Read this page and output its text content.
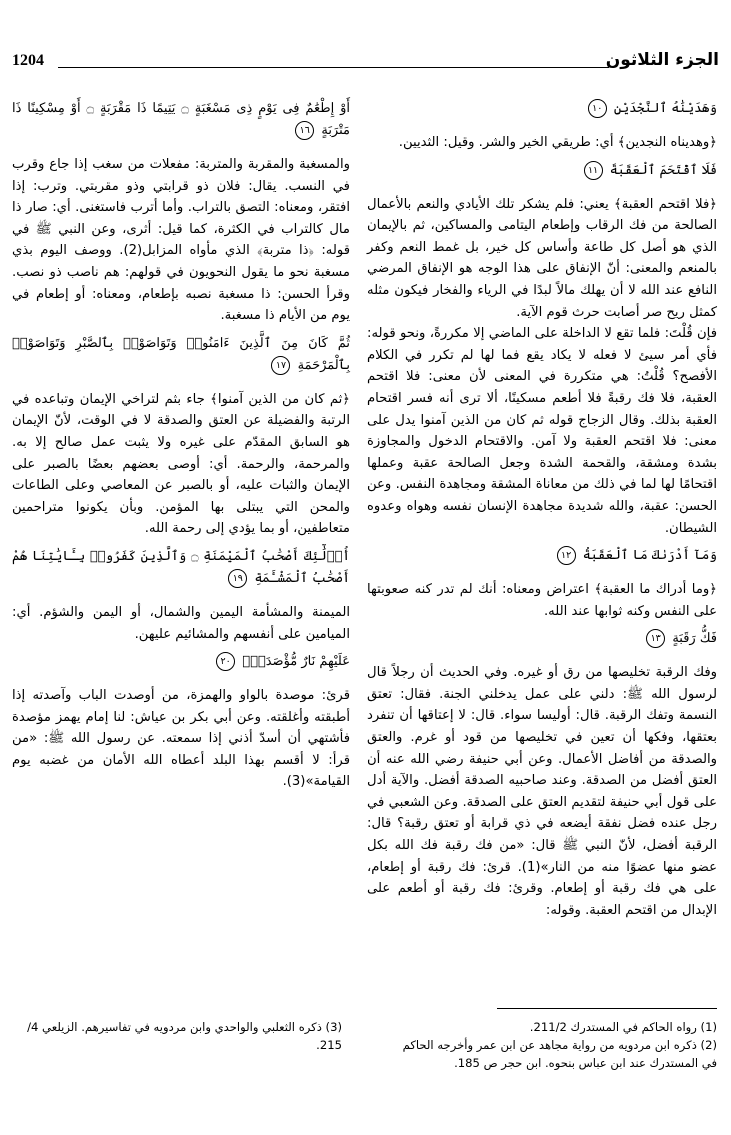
1204	الجزء الثلاثون
وَهَدَيْنَٰهُ ٱلنَّجْدَيْنِ ١٠

﴿وهديناه النجدين﴾ أي: طريقي الخير والشر. وقيل: الثديين.

فَلَا ٱقْتَحَمَ ٱلْعَقَبَةَ ١١

﴿فلا اقتحم العقبة﴾ يعني: فلم يشكر تلك الأيادي والنعم بالأعمال الصالحة من فك الرقاب وإطعام اليتامى والمساكين، ثم بالإيمان الذي هو أصل كل طاعة وأساس كل خير، بل غمط النعم وكفر بالمنعم والمعنى: أنّ الإنفاق على هذا الوجه هو الإنفاق المرضي النافع عند الله لا أن يهلك مالاً لبدًا في الرياء والفخار فيكون مثله كمثل ريح صر أصابت حرث قوم الآية.

فإن قُلْتَ: فلما تقع لا الداخلة على الماضي إلا مكررةً، ونحو قوله: فأي أمر سيئ لا فعله لا يكاد يقع فما لها لم تكرر في الكلام الأفصح؟ قُلْتُ: هي متكررة في المعنى لأن معنى: فلا اقتحم العقبة، فلا فك رقبةً فلا أطعم مسكينًا، ألا ترى أنه فسر اقتحام العقبة بذلك. وقال الزجاج قوله ثم كان من الذين آمنوا يدل على معنى: فلا اقتحم العقبة ولا آمن. والاقتحام الدخول والمجاوزة بشدة ومشقة، والقحمة الشدة وجعل الصالحة عقبة وعملها اقتحامًا لها لما في ذلك من معاناة المشقة ومجاهدة النفس. وعن الحسن: عقبة، والله شديدة مجاهدة الإنسان نفسه وهواه وعدوه الشيطان.

وَمَآ أَدْرَىٰكَ مَا ٱلْعَقَبَةُ ١٢

﴿وما أدراك ما العقبة﴾ اعتراض ومعناه: أنك لم تدر كنه صعوبتها على النفس وكنه ثوابها عند الله.

فَكُّ رَقَبَةٍ ١٣

وفك الرقبة تخليصها من رق أو غيره. وفي الحديث أن رجلاً قال لرسول الله ﷺ: دلني على عمل يدخلني الجنة. فقال: تعتق النسمة وتفك الرقبة. قال: أوليسا سواء. قال: لا إعتاقها أن تنفرد بعتقها، وفكها أن تعين في تخليصها من قود أو غرم. والعتق والصدقة من أفاضل الأعمال. وعن أبي حنيفة رضي الله عنه أن العتق أفضل من الصدقة. وعند صاحبيه الصدقة أفضل. والآية أدل على قول أبي حنيفة لتقديم العتق على الصدقة. وعن الشعبي في رجل عنده فضل نفقة أيضعه في ذي قرابة أو تعتق رقبة؟ قال: الرقبة أفضل، لأنّ النبي ﷺ قال: «من فك رقبة فك الله بكل عضو منها عضوًا منه من النار»(1). قرئ: فك رقبة أو إطعام، على هي فك رقبة أو إطعام. وقرئ: فك رقبة أو أطعم على الإبدال من اقتحم العقبة. وقوله:

أَوْ إِطْعَٰمٌ فِى يَوْمٍ ذِى مَسْغَبَةٍ ۝ يَتِيمًا ذَا مَقْرَبَةٍ ۝ أَوْ مِسْكِينًا ذَا مَتْرَبَةٍ ١٦

والمسغبة والمقربة والمتربة: مفعلات من سغب إذا جاع وقرب في النسب. يقال: فلان ذو قرابتي وذو مقربتي. وترب: إذا افتقر، ومعناه: التصق بالتراب. وأما أترب فاستغنى. أي: صار ذا مال كالتراب في الكثرة، كما قيل: أثرى، وعن النبي ﷺ في قوله: ﴿ذا متربة﴾ الذي مأواه المزابل(2). ووصف اليوم بذي مسغبة نحو ما يقول النحويون في قولهم: هم ناصب ذو نصب. وقرأ الحسن: ذا مسغبة نصبه بإطعام، ومعناه: أو إطعام في يوم من الأيام ذا مسغبة.

ثُمَّ كَانَ مِنَ ٱلَّذِينَ ءَامَنُوا۟ وَتَوَاصَوْا۟ بِٱلصَّبْرِ وَتَوَاصَوْا۟ بِٱلْمَرْحَمَةِ ١٧

﴿ثم كان من الذين آمنوا﴾ جاء بثم لتراخي الإيمان وتباعده في الرتبة والفضيلة عن العتق والصدقة لا في الوقت، لأنّ الإيمان هو السابق المقدّم على غيره ولا يثبت عمل صالح إلا به. والمرحمة، والرحمة. أي: أوصى بعضهم بعضًا بالصبر على الإيمان والثبات عليه، أو بالصبر عن المعاصي وعلى الطاعات والمحن التي يبتلى بها المؤمن. وبأن يكونوا متراحمين متعاطفين، أو بما يؤدي إلى رحمة الله.

أُو۟لَٰٓئِكَ أَصْحَٰبُ ٱلْمَيْمَنَةِ ۝ وَٱلَّذِينَ كَفَرُوا۟ بِـَٔايَٰتِنَا هُمْ أَصْحَٰبُ ٱلْمَشْـَٔمَةِ ١٩

الميمنة والمشأمة اليمين والشمال، أو اليمن والشؤم. أي: الميامين على أنفسهم والمشائيم عليهن.

عَلَيْهِمْ نَارٌ مُّؤْصَدَةٌۢ ٢٠

قرئ: موصدة بالواو والهمزة، من أوصدت الباب وآصدته إذا أطبقته وأغلقته. وعن أبي بكر بن عياش: لنا إمام يهمز مؤصدة فأشتهي أن أسدّ أذني إذا سمعته. عن رسول الله ﷺ: «من قرأ: لا أقسم بهذا البلد أعطاه الله الأمان من غضبه يوم القيامة»(3).

(1) رواه الحاكم في المستدرك 211/2.
(2) ذكره ابن مردويه من رواية مجاهد عن ابن عمر وأخرجه الحاكم في المستدرك عند ابن عباس بنحوه. ابن حجر ص 185.
(3) ذكره الثعلبي والواحدي وابن مردويه في تفاسيرهم. الزيلعي 4/ 215.
